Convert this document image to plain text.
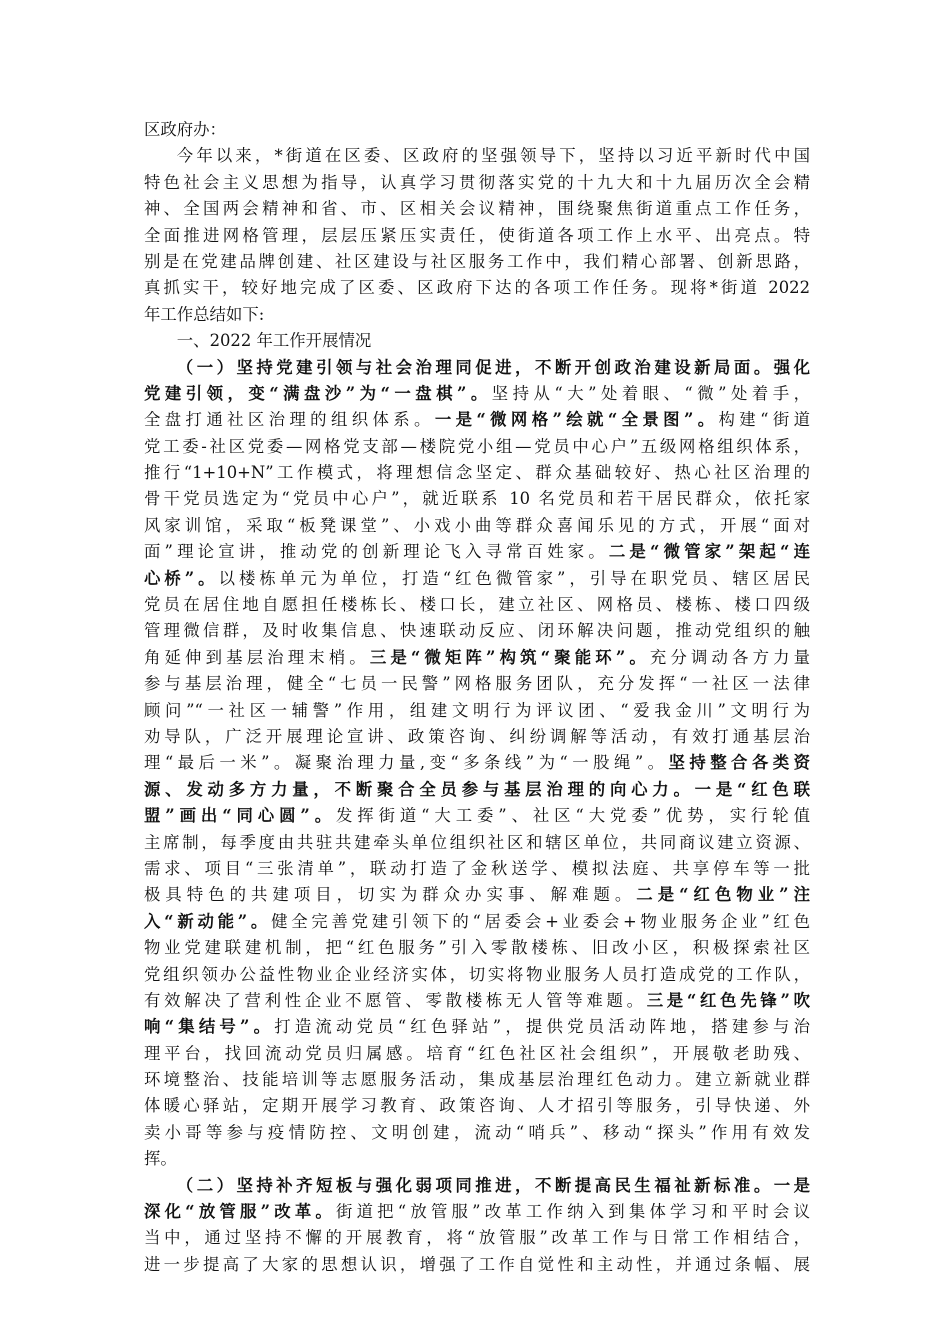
区政府办：
今年以来，*街道在区委、区政府的坚强领导下，坚持以习近平新时代中国
特色社会主义思想为指导，认真学习贯彻落实党的十九大和十九届历次全会精
神、全国两会精神和省、市、区相关会议精神，围绕聚焦街道重点工作任务，
全面推进网格管理，层层压紧压实责任，使街道各项工作上水平、出亮点。特
别是在党建品牌创建、社区建设与社区服务工作中，我们精心部署、创新思路，
真抓实干，较好地完成了区委、区政府下达的各项工作任务。现将*街道 2022
年工作总结如下:
一、2022 年工作开展情况
（一）坚持党建引领与社会治理同促进，不断开创政治建设新局面。强化
党建引领，变“满盘沙”为“一盘棋”。坚持从“大”处着眼、“微”处着手，
全盘打通社区治理的组织体系。一是“微网格”绘就“全景图”。构建“街道
党工委-社区党委—网格党支部—楼院党小组—党员中心户”五级网格组织体系，
推行“1+10+N”工作模式，将理想信念坚定、群众基础较好、热心社区治理的
骨干党员选定为“党员中心户”，就近联系 10 名党员和若干居民群众，依托家
风家训馆，采取“板凳课堂”、小戏小曲等群众喜闻乐见的方式，开展“面对
面”理论宣讲，推动党的创新理论飞入寻常百姓家。二是“微管家”架起“连
心桥”。以楼栋单元为单位，打造“红色微管家”，引导在职党员、辖区居民
党员在居住地自愿担任楼栋长、楼口长，建立社区、网格员、楼栋、楼口四级
管理微信群，及时收集信息、快速联动反应、闭环解决问题，推动党组织的触
角延伸到基层治理末梢。三是“微矩阵”构筑“聚能环”。充分调动各方力量
参与基层治理，健全“七员一民警”网格服务团队，充分发挥“一社区一法律
顾问”“一社区一辅警”作用，组建文明行为评议团、“爱我金川”文明行为
劝导队，广泛开展理论宣讲、政策咨询、纠纷调解等活动，有效打通基层治
理“最后一米”。凝聚治理力量,变“多条线”为“一股绳”。坚持整合各类资
源、发动多方力量，不断聚合全员参与基层治理的向心力。一是“红色联
盟”画出“同心圆”。发挥街道“大工委”、社区“大党委”优势，实行轮值
主席制，每季度由共驻共建牵头单位组织社区和辖区单位，共同商议建立资源、
需求、项目“三张清单”，联动打造了金秋送学、模拟法庭、共享停车等一批
极具特色的共建项目，切实为群众办实事、解难题。二是“红色物业”注
入“新动能”。健全完善党建引领下的“居委会+业委会+物业服务企业”红色
物业党建联建机制，把“红色服务”引入零散楼栋、旧改小区，积极探索社区
党组织领办公益性物业企业经济实体，切实将物业服务人员打造成党的工作队，
有效解决了营利性企业不愿管、零散楼栋无人管等难题。三是“红色先锋”吹
响“集结号”。打造流动党员“红色驿站”，提供党员活动阵地，搭建参与治
理平台，找回流动党员归属感。培育“红色社区社会组织”，开展敬老助残、
环境整治、技能培训等志愿服务活动，集成基层治理红色动力。建立新就业群
体暖心驿站，定期开展学习教育、政策咨询、人才招引等服务，引导快递、外
卖小哥等参与疫情防控、文明创建，流动“哨兵”、移动“探头”作用有效发
挥。
（二）坚持补齐短板与强化弱项同推进，不断提高民生福祉新标准。一是
深化“放管服”改革。街道把“放管服”改革工作纳入到集体学习和平时会议
当中，通过坚持不懈的开展教育，将“放管服”改革工作与日常工作相结合，
进一步提高了大家的思想认识，增强了工作自觉性和主动性，并通过条幅、展
